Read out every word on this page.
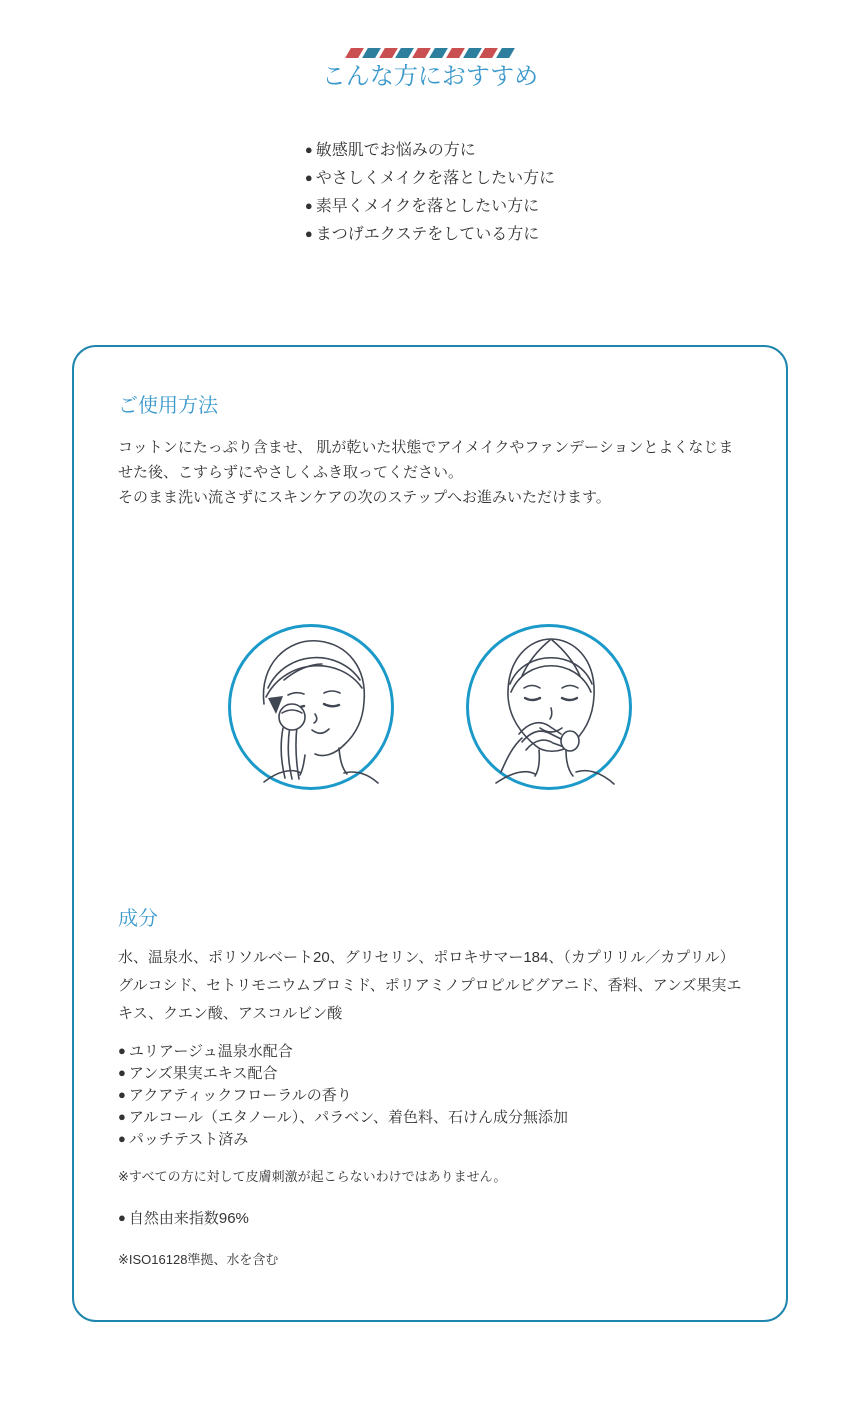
こんな方におすすめ
● 敏感肌でお悩みの方に
● やさしくメイクを落としたい方に
● 素早くメイクを落としたい方に
● まつげエクステをしている方に
ご使用方法

コットンにたっぷり含ませ、 肌が乾いた状態でアイメイクやファンデーションとよくなじませた後、こすらずにやさしくふき取ってください。

そのまま洗い流さずにスキンケアの次のステップへお進みいただけます。

成分

水、温泉水、ポリソルベート20、グリセリン、ポロキサマー184、（カプリリル／カプリル）グルコシド、セトリモニウムブロミド、ポリアミノプロピルビグアニド、香料、アンズ果実エキス、クエン酸、アスコルビン酸

● ユリアージュ温泉水配合
● アンズ果実エキス配合
● アクアティックフローラルの香り
● アルコール（エタノール）、パラベン、着色料、石けん成分無添加
● パッチテスト済み

※すべての方に対して皮膚刺激が起こらないわけではありません。

● 自然由来指数96%

※ISO16128準拠、水を含む
